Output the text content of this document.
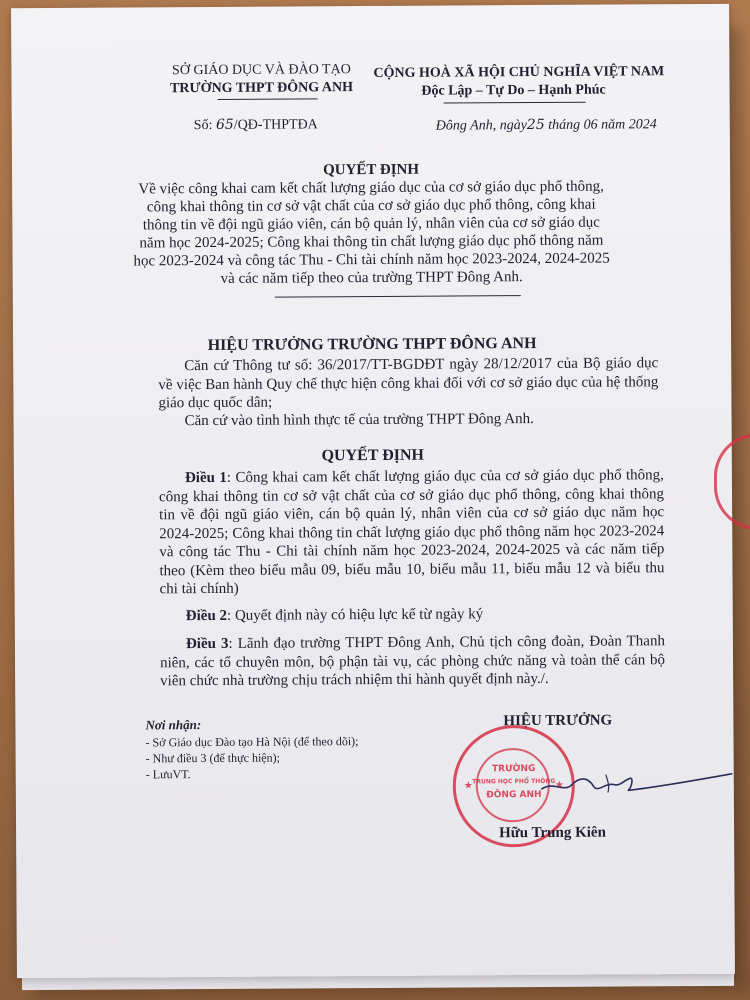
SỞ GIÁO DỤC VÀ ĐÀO TẠO
TRƯỜNG THPT ĐÔNG ANH
Số: 65/QĐ-THPTĐA
CỘNG HOÀ XÃ HỘI CHỦ NGHĨA VIỆT NAM
Độc Lập – Tự Do – Hạnh Phúc
Đông Anh, ngày25 tháng 06 năm 2024
QUYẾT ĐỊNH
Về việc công khai cam kết chất lượng giáo dục của cơ sở giáo dục phổ thông,
công khai thông tin cơ sở vật chất của cơ sở giáo dục phổ thông, công khai
thông tin về đội ngũ giáo viên, cán bộ quản lý, nhân viên của cơ sở giáo dục
năm học 2024-2025; Công khai thông tin chất lượng giáo dục phổ thông năm
học 2023-2024 và công tác Thu - Chi tài chính năm học 2023-2024, 2024-2025
và các năm tiếp theo của trường THPT Đông Anh.
HIỆU TRƯỞNG TRƯỜNG THPT ĐÔNG ANH
Căn cứ Thông tư số: 36/2017/TT-BGDĐT ngày 28/12/2017 của Bộ giáo dục về việc Ban hành Quy chế thực hiện công khai đối với cơ sở giáo dục của hệ thống giáo dục quốc dân;
Căn cứ vào tình hình thực tế của trường THPT Đông Anh.
QUYẾT ĐỊNH
Điều 1: Công khai cam kết chất lượng giáo dục của cơ sở giáo dục phổ thông, công khai thông tin cơ sở vật chất của cơ sở giáo dục phổ thông, công khai thông tin về đội ngũ giáo viên, cán bộ quản lý, nhân viên của cơ sở giáo dục năm học 2024-2025; Công khai thông tin chất lượng giáo dục phổ thông năm học 2023-2024 và công tác Thu - Chi tài chính năm học 2023-2024, 2024-2025 và các năm tiếp theo (Kèm theo biểu mẫu 09, biểu mẫu 10, biểu mẫu 11, biểu mẫu 12 và biểu thu chi tài chính)
Điều 2: Quyết định này có hiệu lực kể từ ngày ký
Điều 3: Lãnh đạo trường THPT Đông Anh, Chủ tịch công đoàn, Đoàn Thanh niên, các tổ chuyên môn, bộ phận tài vụ, các phòng chức năng và toàn thể cán bộ viên chức nhà trường chịu trách nhiệm thi hành quyết định này./.
Nơi nhận:
- Sở Giáo dục Đào tạo Hà Nội (để theo dõi);
- Như điều 3 (để thực hiện);
- LưuVT.
HIỆU TRƯỞNG
★	★
TRƯỜNG
TRUNG HỌC PHỔ THÔNG
ĐÔNG ANH
Hữu Trung Kiên
